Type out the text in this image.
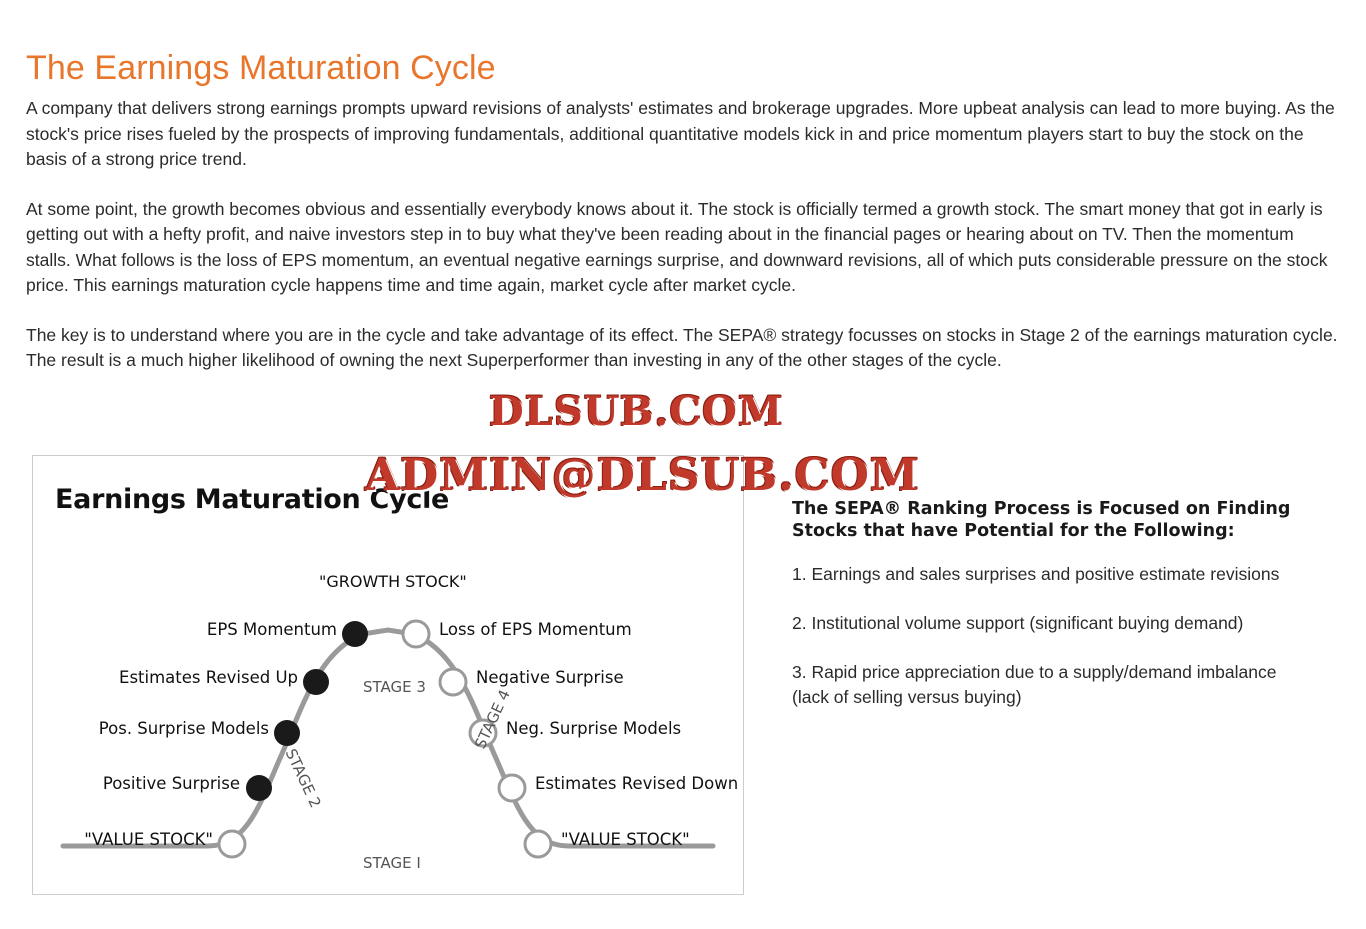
The Earnings Maturation Cycle

A company that delivers strong earnings prompts upward revisions of analysts' estimates and brokerage upgrades. More upbeat analysis can lead to more buying. As the stock's price rises fueled by the prospects of improving fundamentals, additional quantitative models kick in and price momentum players start to buy the stock on the basis of a strong price trend.

At some point, the growth becomes obvious and essentially everybody knows about it. The stock is officially termed a growth stock. The smart money that got in early is getting out with a hefty profit, and naive investors step in to buy what they've been reading about in the financial pages or hearing about on TV. Then the momentum stalls. What follows is the loss of EPS momentum, an eventual negative earnings surprise, and downward revisions, all of which puts considerable pressure on the stock price. This earnings maturation cycle happens time and time again, market cycle after market cycle.

The key is to understand where you are in the cycle and take advantage of its effect. The SEPA® strategy focusses on stocks in Stage 2 of the earnings maturation cycle. The result is a much higher likelihood of owning the next Superperformer than investing in any of the other stages of the cycle.

Earnings Maturation Cycle
"GROWTH STOCK"
EPS Momentum
Estimates Revised Up
Pos. Surprise Models
Positive Surprise
"VALUE STOCK"
Loss of EPS Momentum
Negative Surprise
Neg. Surprise Models
Estimates Revised Down
"VALUE STOCK"
STAGE I
STAGE 2
STAGE 3	STAGE 4
The SEPA® Ranking Process is Focused on Finding Stocks that have Potential for the Following:

1. Earnings and sales surprises and positive estimate revisions

2. Institutional volume support (significant buying demand)

3. Rapid price appreciation due to a supply/demand imbalance (lack of selling versus buying)

DLSUB.COM
ADMIN@DLSUB.COM
